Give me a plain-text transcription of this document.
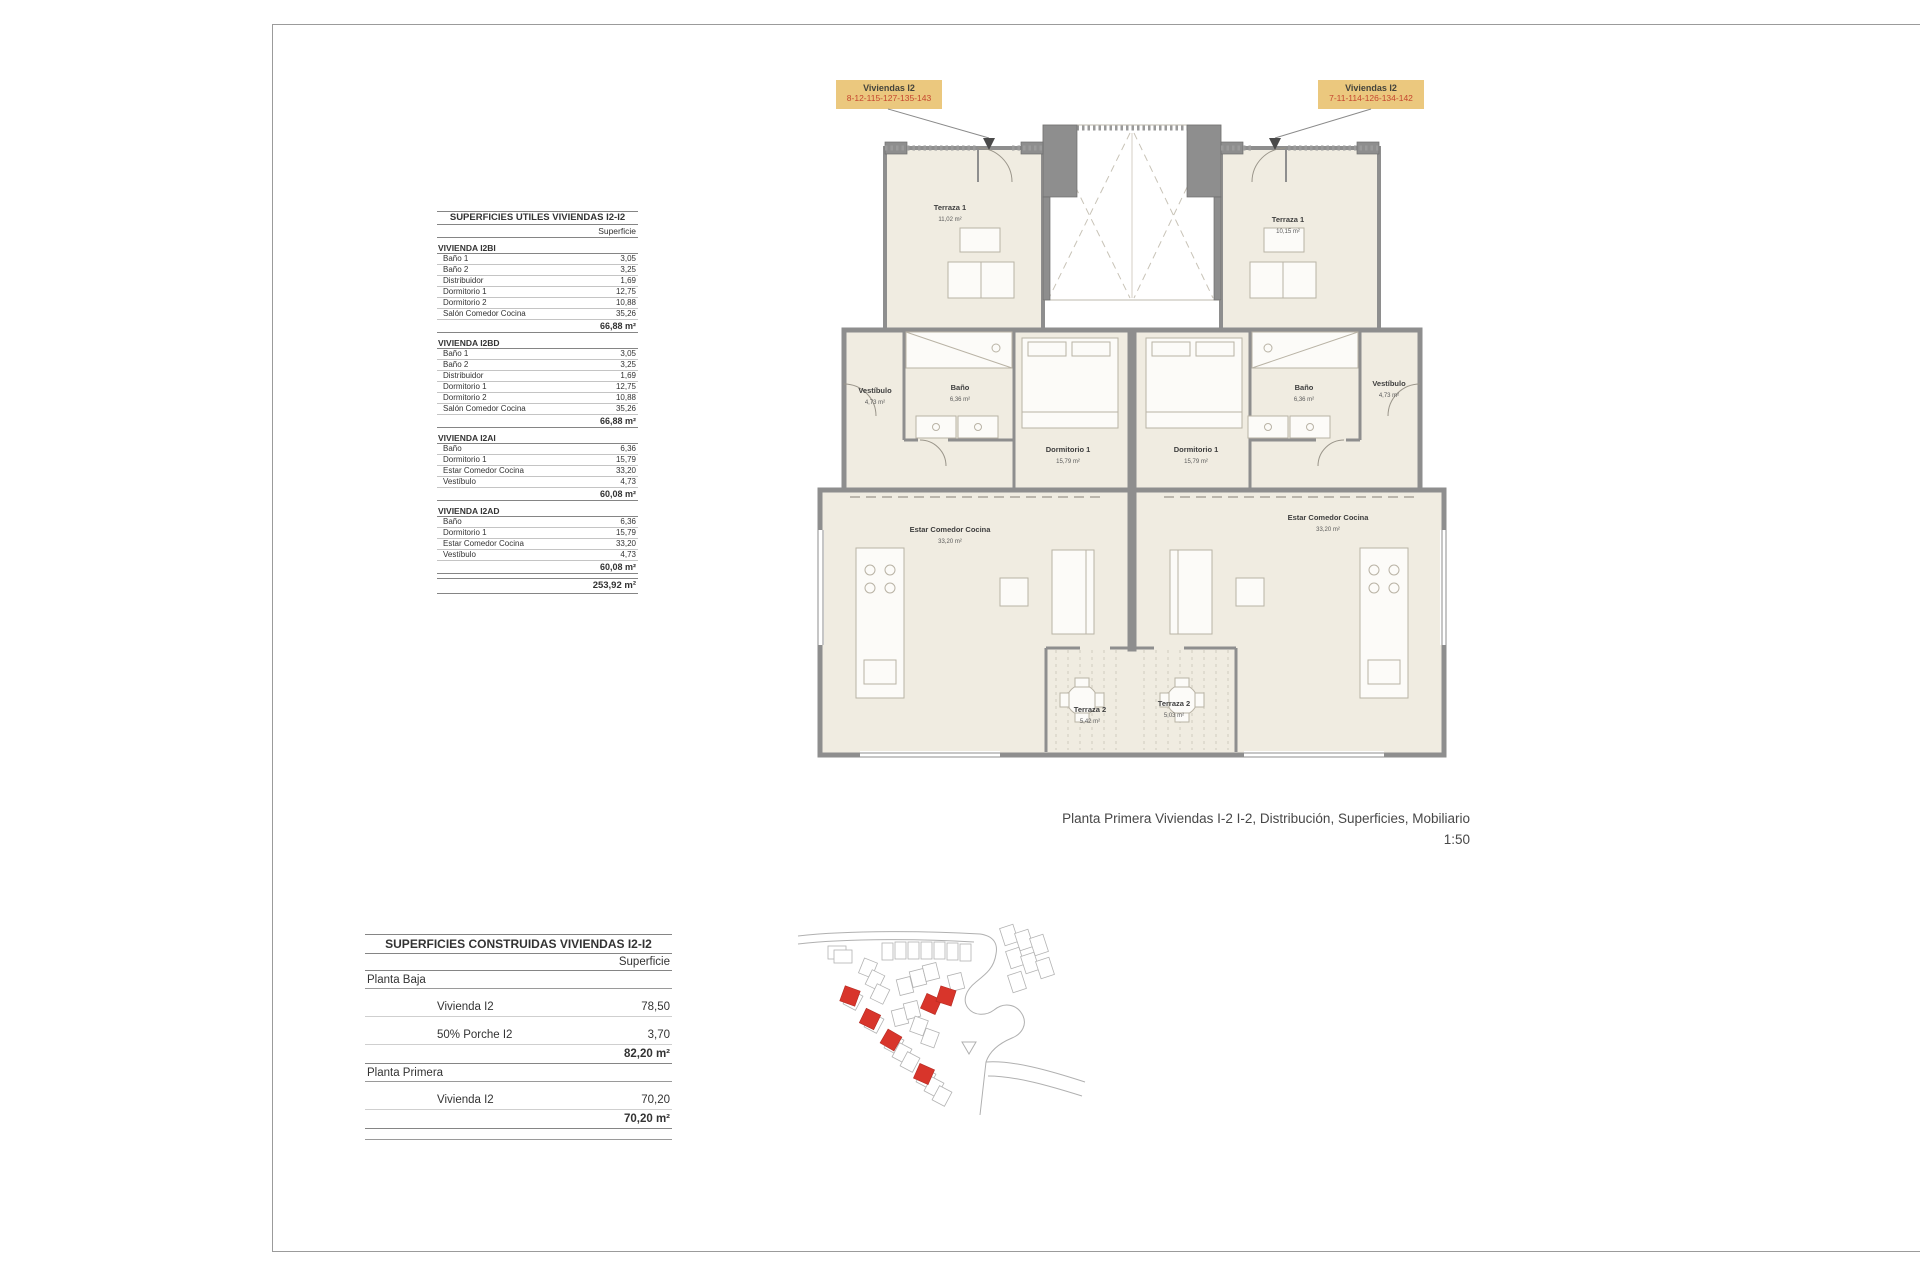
SUPERFICIES UTILES VIVIENDAS I2-I2
Superficie
VIVIENDA I2BI
Baño 1	3,05
Baño 2	3,25
Distribuidor	1,69
Dormitorio 1	12,75
Dormitorio 2	10,88
Salón Comedor Cocina	35,26
66,88 m²
VIVIENDA I2BD
Baño 1	3,05
Baño 2	3,25
Distribuidor	1,69
Dormitorio 1	12,75
Dormitorio 2	10,88
Salón Comedor Cocina	35,26
66,88 m²
VIVIENDA I2AI
Baño	6,36
Dormitorio 1	15,79
Estar Comedor Cocina	33,20
Vestíbulo	4,73
60,08 m²
VIVIENDA I2AD
Baño	6,36
Dormitorio 1	15,79
Estar Comedor Cocina	33,20
Vestíbulo	4,73
60,08 m²
253,92 m²
SUPERFICIES CONSTRUIDAS VIVIENDAS I2-I2
Superficie
Planta Baja
Vivienda I2	78,50
50% Porche I2	3,70
82,20 m²
Planta Primera
Vivienda I2	70,20
70,20 m²
Viviendas I2
8-12-115-127-135-143
Viviendas I2
7-11-114-126-134-142
Terraza 1
11,02 m²	Terraza 1
10,15 m²
Vestíbulo
4,73 m²
Baño
6,36 m²
Dormitorio 1
15,79 m²
Dormitorio 1
15,79 m²
Baño
6,36 m²
Vestíbulo
4,73 m²
Estar Comedor Cocina
33,20 m²
Estar Comedor Cocina
33,20 m²
Terraza 2
5,42 m²
Terraza 2
5,03 m²
Planta Primera Viviendas I-2 I-2, Distribución, Superficies, Mobiliario
1:50
